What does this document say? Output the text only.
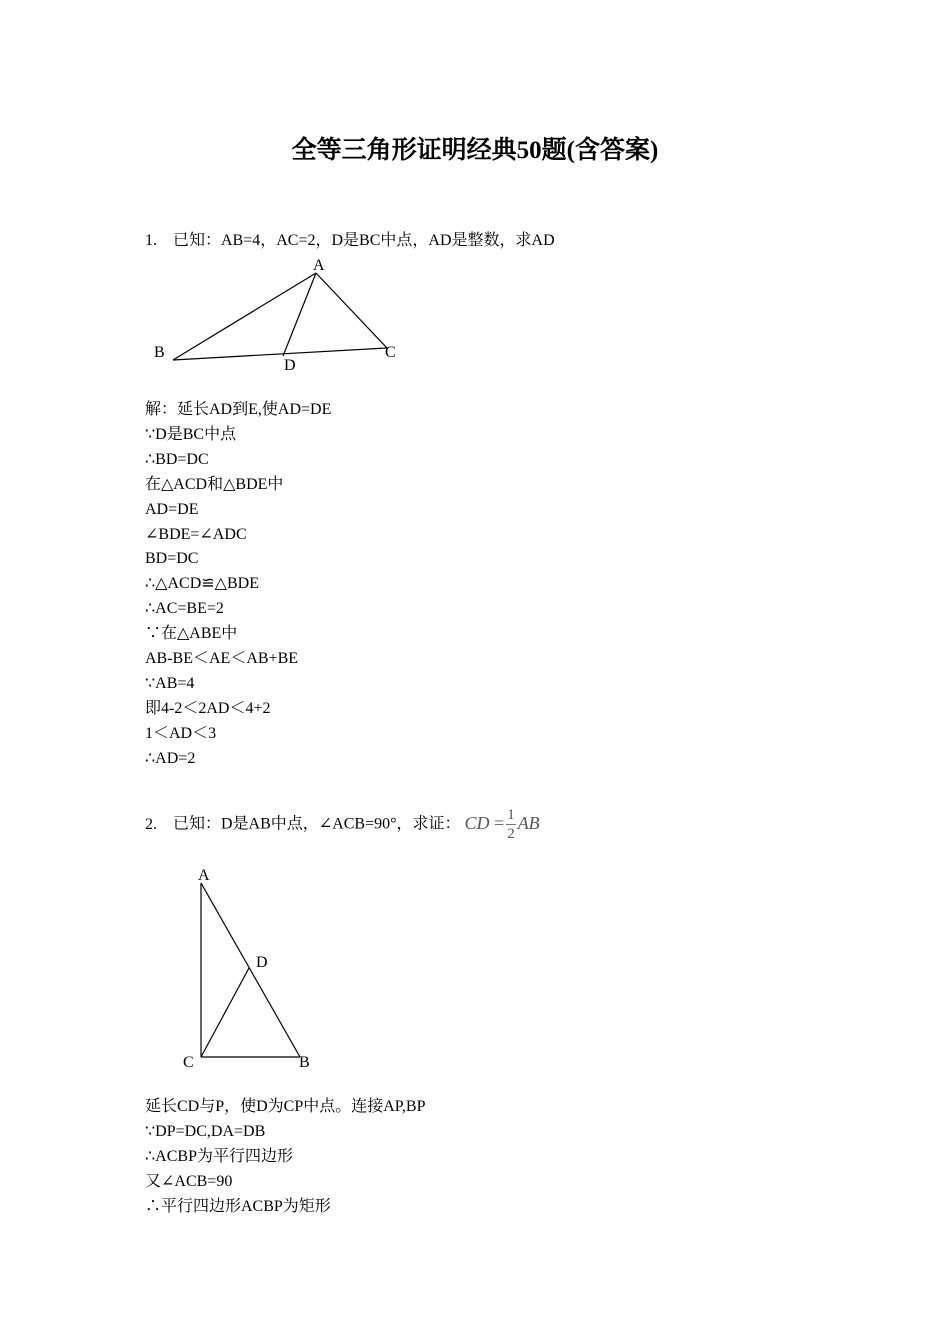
全等三角形证明经典50题(含答案)
1. 已知：AB=4，AC=2，D是BC中点，AD是整数，求AD
A
B	C
D
解：延长AD到E,使AD=DE
∵D是BC中点
∴BD=DC
在△ACD和△BDE中
AD=DE
∠BDE=∠ADC
BD=DC
∴△ACD≌△BDE
∴AC=BE=2
∵在△ABE中
AB-BE＜AE＜AB+BE
∵AB=4
即4-2＜2AD＜4+2
1＜AD＜3
∴AD=2
2. 已知：D是AB中点，∠ACB=90°，求证： CD = $\frac{1}{2}$ AB
A
D
C	B
延长CD与P，使D为CP中点。连接AP,BP
∵DP=DC,DA=DB
∴ACBP为平行四边形
又∠ACB=90
∴平行四边形ACBP为矩形
